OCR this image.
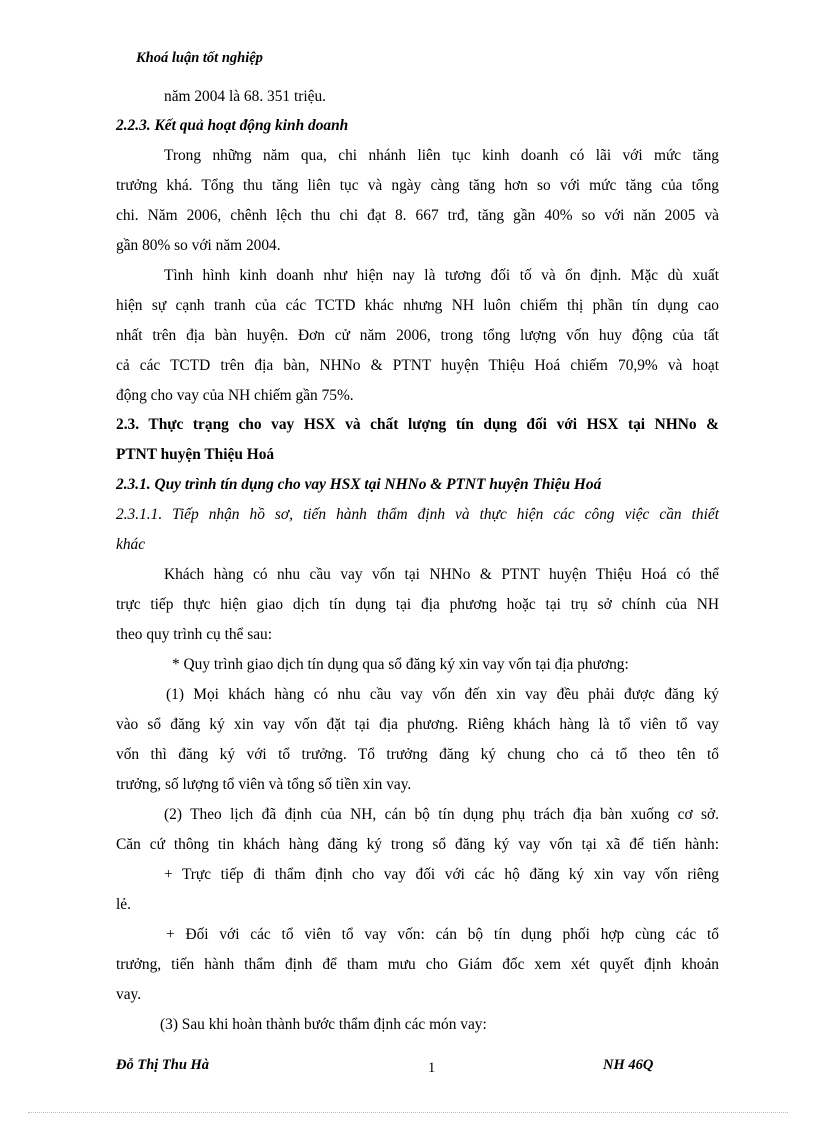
Khoá luận tốt nghiệp
năm 2004 là 68. 351 triệu.
2.2.3. Kết quả hoạt động kinh doanh
Trong những năm qua, chi nhánh liên tục kinh doanh có lãi với mức tăng
trưởng khá. Tổng thu tăng liên tục và ngày càng tăng hơn so với mức tăng của tổng
chi. Năm 2006, chênh lệch thu chi đạt 8. 667 trđ, tăng gần 40% so với năn 2005 và
gần 80% so với năm 2004.
Tình hình kinh doanh như hiện nay là tương đối tố và ổn định. Mặc dù xuất
hiện sự cạnh tranh của các TCTD khác nhưng NH luôn chiếm thị phần tín dụng cao
nhất trên địa bàn huyện. Đơn cử năm 2006, trong tổng lượng vốn huy động của tất
cả các TCTD trên địa bàn, NHNo & PTNT huyện Thiệu Hoá chiếm 70,9% và hoạt
động cho vay của NH chiếm gần 75%.
2.3. Thực trạng cho vay HSX và chất lượng tín dụng đối với HSX tại NHNo &
PTNT huyện Thiệu Hoá
2.3.1. Quy trình tín dụng cho vay HSX tại NHNo & PTNT huyện Thiệu Hoá
2.3.1.1. Tiếp nhận hồ sơ, tiến hành thẩm định và thực hiện các công việc cần thiết
khác
Khách hàng có nhu cầu vay vốn tại NHNo & PTNT huyện Thiệu Hoá có thể
trực tiếp thực hiện giao dịch tín dụng tại địa phương hoặc tại trụ sở chính của NH
theo quy trình cụ thể sau:
* Quy trình giao dịch tín dụng qua sổ đăng ký xin vay vốn tại địa phương:
(1) Mọi khách hàng có nhu cầu vay vốn đến xin vay đều phải được đăng ký
vào sổ đăng ký xin vay vốn đặt tại địa phương. Riêng khách hàng là tổ viên tổ vay
vốn thì đăng ký với tổ trưởng. Tổ trưởng đăng ký chung cho cả tổ theo tên tổ
trưởng, số lượng tổ viên và tổng số tiền xin vay.
(2) Theo lịch đã định của NH, cán bộ tín dụng phụ trách địa bàn xuống cơ sở.
Căn cứ thông tin khách hàng đăng ký trong sổ đăng ký vay vốn tại xã để tiến hành:
+ Trực tiếp đi thẩm định cho vay đối với các hộ đăng ký xin vay vốn riêng
lẻ.
+ Đối với các tổ viên tổ vay vốn: cán bộ tín dụng phối hợp cùng các tổ
trưởng, tiến hành thẩm định để tham mưu cho Giám đốc xem xét quyết định khoản
vay.
(3) Sau khi hoàn thành bước thẩm định các món vay:
Đỗ Thị Thu Hà	1	NH 46Q
